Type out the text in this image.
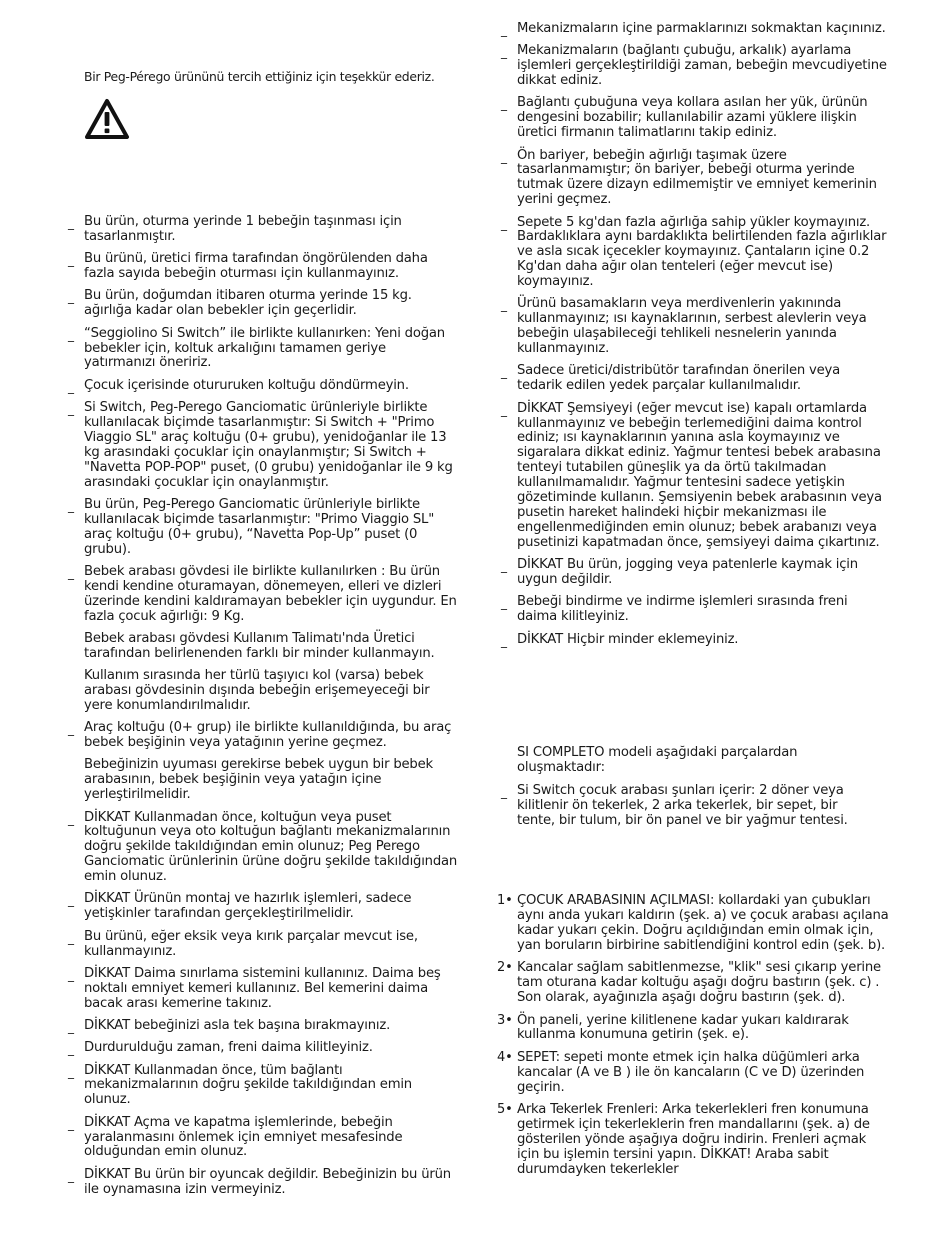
Bir Peg-Pérego ürününü tercih ettiğiniz için teşekkür ederiz.
_ Bu ürün, oturma yerinde 1 bebeğin taşınması için tasarlanmıştır.
_ Bu ürünü, üretici firma tarafından öngörülenden daha fazla sayıda bebeğin oturması için kullanmayınız.
_ Bu ürün, doğumdan itibaren oturma yerinde 15 kg. ağırlığa kadar olan bebekler için geçerlidir.
_ “Seggiolino Si Switch” ile birlikte kullanırken: Yeni doğan bebekler için, koltuk arkalığını tamamen geriye yatırmanızı öneririz.
_ Çocuk içerisinde otururuken koltuğu döndürmeyin.
_ Si Switch, Peg-Perego Ganciomatic ürünleriyle birlikte kullanılacak biçimde tasarlanmıştır: Si Switch + "Primo Viaggio SL" araç koltuğu (0+ grubu), yenidoğanlar ile 13 kg arasındaki çocuklar için onaylanmıştır; Si Switch + "Navetta POP-POP" puset, (0 grubu) yenidoğanlar ile 9 kg arasındaki çocuklar için onaylanmıştır.
_ Bu ürün, Peg-Perego Ganciomatic ürünleriyle birlikte kullanılacak biçimde tasarlanmıştır: "Primo Viaggio SL" araç koltuğu (0+ grubu), “Navetta Pop-Up” puset (0 grubu).
_ Bebek arabası gövdesi ile birlikte kullanılırken : Bu ürün kendi kendine oturamayan, dönemeyen, elleri ve dizleri üzerinde kendini kaldıramayan bebekler için uygundur. En fazla çocuk ağırlığı: 9 Kg.
Bebek arabası gövdesi Kullanım Talimatı'nda Üretici tarafından belirlenenden farklı bir minder kullanmayın.
Kullanım sırasında her türlü taşıyıcı kol (varsa) bebek arabası gövdesinin dışında bebeğin erişemeyeceği bir yere konumlandırılmalıdır.
_ Araç koltuğu (0+ grup) ile birlikte kullanıldığında, bu araç bebek beşiğinin veya yatağının yerine geçmez.
Bebeğinizin uyuması gerekirse bebek uygun bir bebek arabasının, bebek beşiğinin veya yatağın içine yerleştirilmelidir.
_ DİKKAT Kullanmadan önce, koltuğun veya puset koltuğunun veya oto koltuğun bağlantı mekanizmalarının doğru şekilde takıldığından emin olunuz; Peg Perego Ganciomatic ürünlerinin ürüne doğru şekilde takıldığından emin olunuz.
_ DİKKAT Ürünün montaj ve hazırlık işlemleri, sadece yetişkinler tarafından gerçekleştirilmelidir.
_ Bu ürünü, eğer eksik veya kırık parçalar mevcut ise, kullanmayınız.
_ DİKKAT Daima sınırlama sistemini kullanınız. Daima beş noktalı emniyet kemeri kullanınız. Bel kemerini daima bacak arası kemerine takınız.
_ DİKKAT bebeğinizi asla tek başına bırakmayınız.
_ Durdurulduğu zaman, freni daima kilitleyiniz.
_ DİKKAT Kullanmadan önce, tüm bağlantı mekanizmalarının doğru şekilde takıldığından emin olunuz.
_ DİKKAT Açma ve kapatma işlemlerinde, bebeğin yaralanmasını önlemek için emniyet mesafesinde olduğundan emin olunuz.
_ DİKKAT Bu ürün bir oyuncak değildir. Bebeğinizin bu ürün ile oynamasına izin vermeyiniz.
_ Mekanizmaların içine parmaklarınızı sokmaktan kaçınınız.
_ Mekanizmaların (bağlantı çubuğu, arkalık) ayarlama işlemleri gerçekleştirildiği zaman, bebeğin mevcudiyetine dikkat ediniz.
_ Bağlantı çubuğuna veya kollara asılan her yük, ürünün dengesini bozabilir; kullanılabilir azami yüklere ilişkin üretici firmanın talimatlarını takip ediniz.
_ Ön bariyer, bebeğin ağırlığı taşımak üzere tasarlanmamıştır; ön bariyer, bebeği oturma yerinde tutmak üzere dizayn edilmemiştir ve emniyet kemerinin yerini geçmez.
_ Sepete 5 kg'dan fazla ağırlığa sahip yükler koymayınız. Bardaklıklara aynı bardaklıkta belirtilenden fazla ağırlıklar ve asla sıcak içecekler koymayınız. Çantaların içine 0.2 Kg'dan daha ağır olan tenteleri (eğer mevcut ise) koymayınız.
_ Ürünü basamakların veya merdivenlerin yakınında kullanmayınız; ısı kaynaklarının, serbest alevlerin veya bebeğin ulaşabileceği tehlikeli nesnelerin yanında kullanmayınız.
_ Sadece üretici/distribütör tarafından önerilen veya tedarik edilen yedek parçalar kullanılmalıdır.
_ DİKKAT Şemsiyeyi (eğer mevcut ise) kapalı ortamlarda kullanmayınız ve bebeğin terlemediğini daima kontrol ediniz; ısı kaynaklarının yanına asla koymayınız ve sigaralara dikkat ediniz. Yağmur tentesi bebek arabasına tenteyi tutabilen güneşlik ya da örtü takılmadan kullanılmamalıdır. Yağmur tentesini sadece yetişkin gözetiminde kullanın. Şemsiyenin bebek arabasının veya pusetin hareket halindeki hiçbir mekanizması ile engellenmediğinden emin olunuz; bebek arabanızı veya pusetinizi kapatmadan önce, şemsiyeyi daima çıkartınız.
_ DİKKAT Bu ürün, jogging veya patenlerle kaymak için uygun değildir.
_ Bebeği bindirme ve indirme işlemleri sırasında freni daima kilitleyiniz.
_ DİKKAT Hiçbir minder eklemeyiniz.
SI COMPLETO modeli aşağıdaki parçalardan oluşmaktadır:
_ Si Switch çocuk arabası şunları içerir: 2 döner veya kilitlenir ön tekerlek, 2 arka tekerlek, bir sepet, bir tente, bir tulum, bir ön panel ve bir yağmur tentesi.
1• ÇOCUK ARABASININ AÇILMASI: kollardaki yan çubukları aynı anda yukarı kaldırın (şek. a) ve çocuk arabası açılana kadar yukarı çekin. Doğru açıldığından emin olmak için, yan boruların birbirine sabitlendiğini kontrol edin (şek. b).
2• Kancalar sağlam sabitlenmezse, "klik" sesi çıkarıp yerine tam oturana kadar koltuğu aşağı doğru bastırın (şek. c) . Son olarak, ayağınızla aşağı doğru bastırın (şek. d).
3• Ön paneli, yerine kilitlenene kadar yukarı kaldırarak kullanma konumuna getirin (şek. e).
4• SEPET: sepeti monte etmek için halka düğümleri arka kancalar (A ve B ) ile ön kancaların (C ve D) üzerinden geçirin.
5• Arka Tekerlek Frenleri: Arka tekerlekleri fren konumuna getirmek için tekerleklerin fren mandallarını (şek. a) de gösterilen yönde aşağıya doğru indirin. Frenleri açmak için bu işlemin tersini yapın. DİKKAT! Araba sabit durumdayken tekerlekler
